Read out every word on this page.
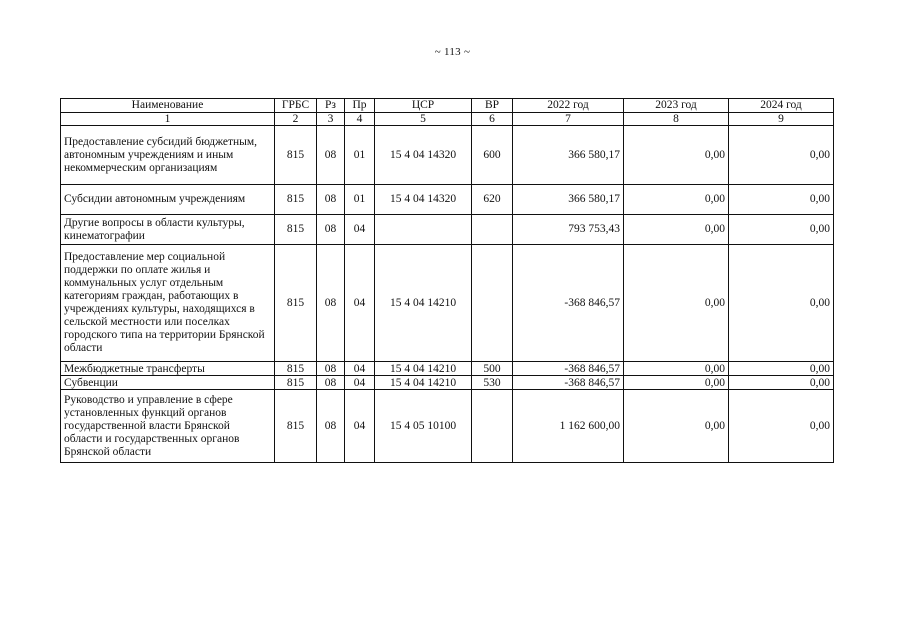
~ 113 ~
Наименование	ГРБС	Рз	Пр	ЦСР	ВР	2022 год	2023 год	2024 год
1	2	3	4	5	6	7	8	9
Предоставление субсидий бюджетным, автономным учреждениям и иным некоммерческим организациям	815	08	01	15 4 04 14320	600	366 580,17	0,00	0,00
Субсидии автономным учреждениям	815	08	01	15 4 04 14320	620	366 580,17	0,00	0,00
Другие вопросы в области культуры, кинематографии	815	08	04			793 753,43	0,00	0,00
Предоставление мер социальной поддержки по оплате жилья и коммунальных услуг отдельным категориям граждан, работающих в учреждениях культуры, находящихся в сельской местности или поселках городского типа на территории Брянской области	815	08	04	15 4 04 14210		-368 846,57	0,00	0,00
Межбюджетные трансферты	815	08	04	15 4 04 14210	500	-368 846,57	0,00	0,00
Субвенции	815	08	04	15 4 04 14210	530	-368 846,57	0,00	0,00
Руководство и управление в сфере установленных функций органов государственной власти Брянской области и государственных органов Брянской области	815	08	04	15 4 05 10100		1 162 600,00	0,00	0,00
